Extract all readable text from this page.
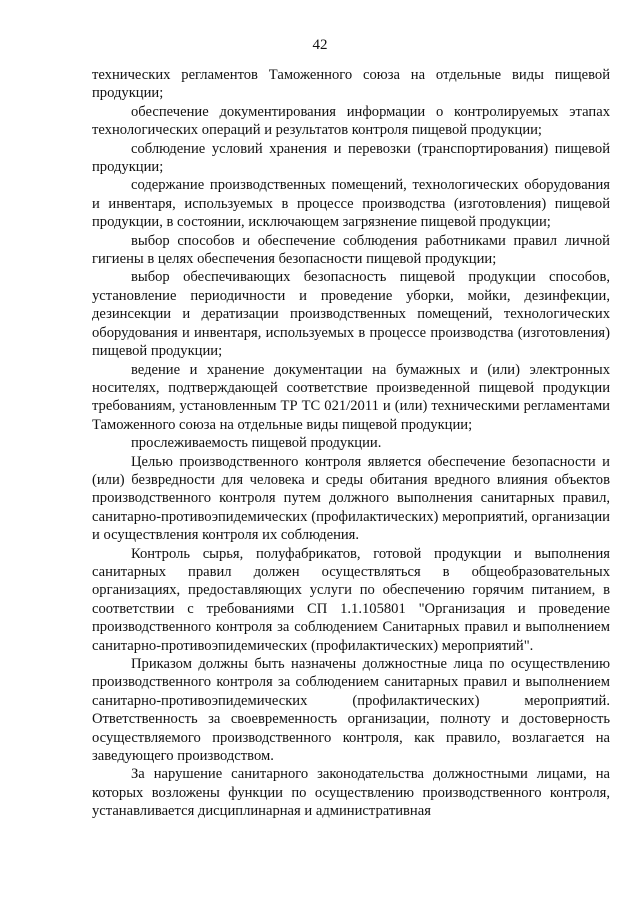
42

технических регламентов Таможенного союза на отдельные виды пищевой продукции;

обеспечение документирования информации о контролируемых этапах технологических операций и результатов контроля пищевой продукции;

соблюдение условий хранения и перевозки (транспортирования) пищевой продукции;

содержание производственных помещений, технологических оборудования и инвентаря, используемых в процессе производства (изготовления) пищевой продукции, в состоянии, исключающем загрязнение пищевой продукции;

выбор способов и обеспечение соблюдения работниками правил личной гигиены в целях обеспечения безопасности пищевой продукции;

выбор обеспечивающих безопасность пищевой продукции способов, установление периодичности и проведение уборки, мойки, дезинфекции, дезинсекции и дератизации производственных помещений, технологических оборудования и инвентаря, используемых в процессе производства (изготовления) пищевой продукции;

ведение и хранение документации на бумажных и (или) электронных носителях, подтверждающей соответствие произведенной пищевой продукции требованиям, установленным ТР ТС 021/2011 и (или) техническими регламентами Таможенного союза на отдельные виды пищевой продукции;

прослеживаемость пищевой продукции.

Целью производственного контроля является обеспечение безопасности и (или) безвредности для человека и среды обитания вредного влияния объектов производственного контроля путем должного выполнения санитарных правил, санитарно-противоэпидемических (профилактических) мероприятий, организации и осуществления контроля их соблюдения.

Контроль сырья, полуфабрикатов, готовой продукции и выполнения санитарных правил должен осуществляться в общеобразовательных организациях, предоставляющих услуги по обеспечению горячим питанием, в соответствии с требованиями СП 1.1.105801 "Организация и проведение производственного контроля за соблюдением Санитарных правил и выполнением санитарно-противоэпидемических (профилактических) мероприятий".

Приказом должны быть назначены должностные лица по осуществлению производственного контроля за соблюдением санитарных правил и выполнением санитарно-противоэпидемических (профилактических) мероприятий. Ответственность за своевременность организации, полноту и достоверность осуществляемого производственного контроля, как правило, возлагается на заведующего производством.

За нарушение санитарного законодательства должностными лицами, на которых возложены функции по осуществлению производственного контроля, устанавливается дисциплинарная и административная
